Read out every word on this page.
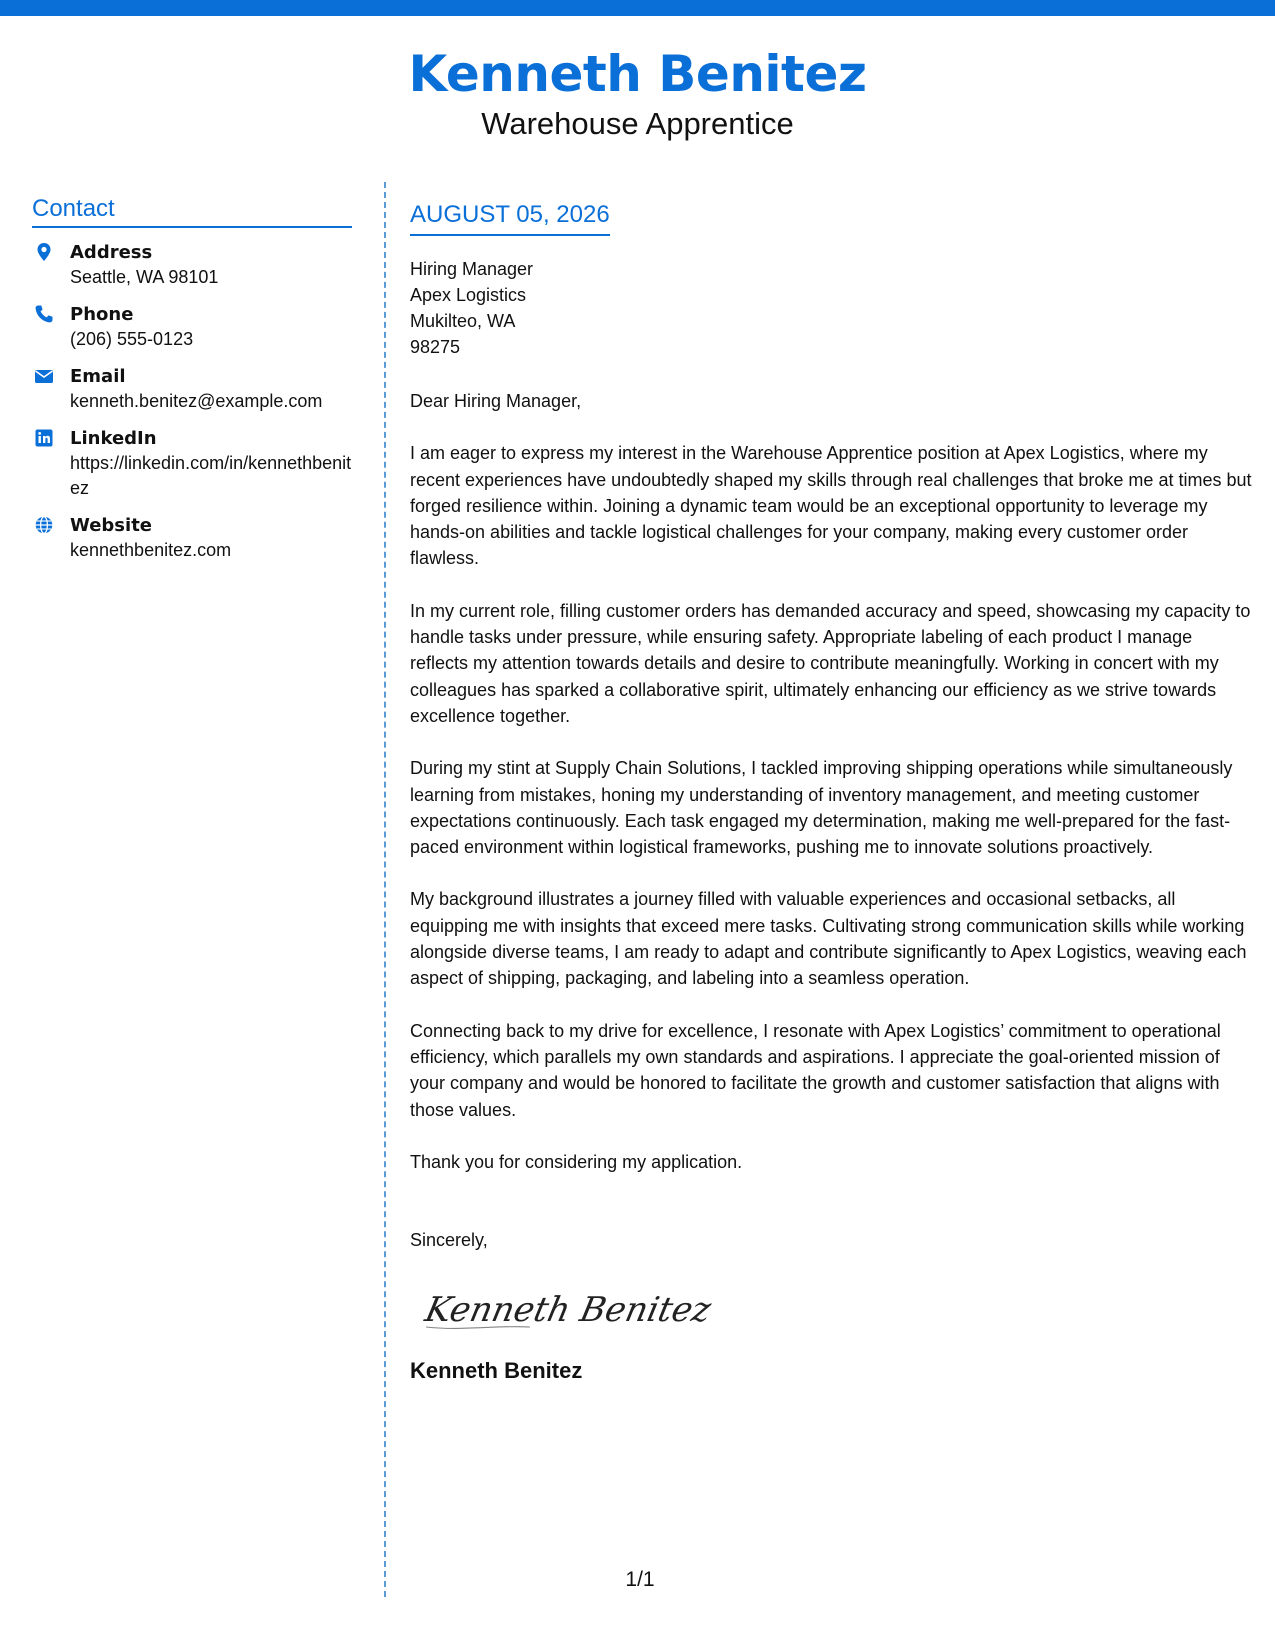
Kenneth Benitez
Warehouse Apprentice
Contact
Address
Seattle, WA 98101
Phone
(206) 555-0123
Email
kenneth.benitez@example.com
LinkedIn
https://linkedin.com/in/kennethbenitez
Website
kennethbenitez.com
AUGUST 05, 2026
Hiring Manager
Apex Logistics
Mukilteo, WA
98275
Dear Hiring Manager,
I am eager to express my interest in the Warehouse Apprentice position at Apex Logistics, where my recent experiences have undoubtedly shaped my skills through real challenges that broke me at times but forged resilience within. Joining a dynamic team would be an exceptional opportunity to leverage my hands-on abilities and tackle logistical challenges for your company, making every customer order flawless.
In my current role, filling customer orders has demanded accuracy and speed, showcasing my capacity to handle tasks under pressure, while ensuring safety. Appropriate labeling of each product I manage reflects my attention towards details and desire to contribute meaningfully. Working in concert with my colleagues has sparked a collaborative spirit, ultimately enhancing our efficiency as we strive towards excellence together.
During my stint at Supply Chain Solutions, I tackled improving shipping operations while simultaneously learning from mistakes, honing my understanding of inventory management, and meeting customer expectations continuously. Each task engaged my determination, making me well-prepared for the fast-paced environment within logistical frameworks, pushing me to innovate solutions proactively.
My background illustrates a journey filled with valuable experiences and occasional setbacks, all equipping me with insights that exceed mere tasks. Cultivating strong communication skills while working alongside diverse teams, I am ready to adapt and contribute significantly to Apex Logistics, weaving each aspect of shipping, packaging, and labeling into a seamless operation.
Connecting back to my drive for excellence, I resonate with Apex Logistics’ commitment to operational efficiency, which parallels my own standards and aspirations. I appreciate the goal-oriented mission of your company and would be honored to facilitate the growth and customer satisfaction that aligns with those values.
Thank you for considering my application.
Sincerely,
Kenneth Benitez
Kenneth Benitez
1/1
